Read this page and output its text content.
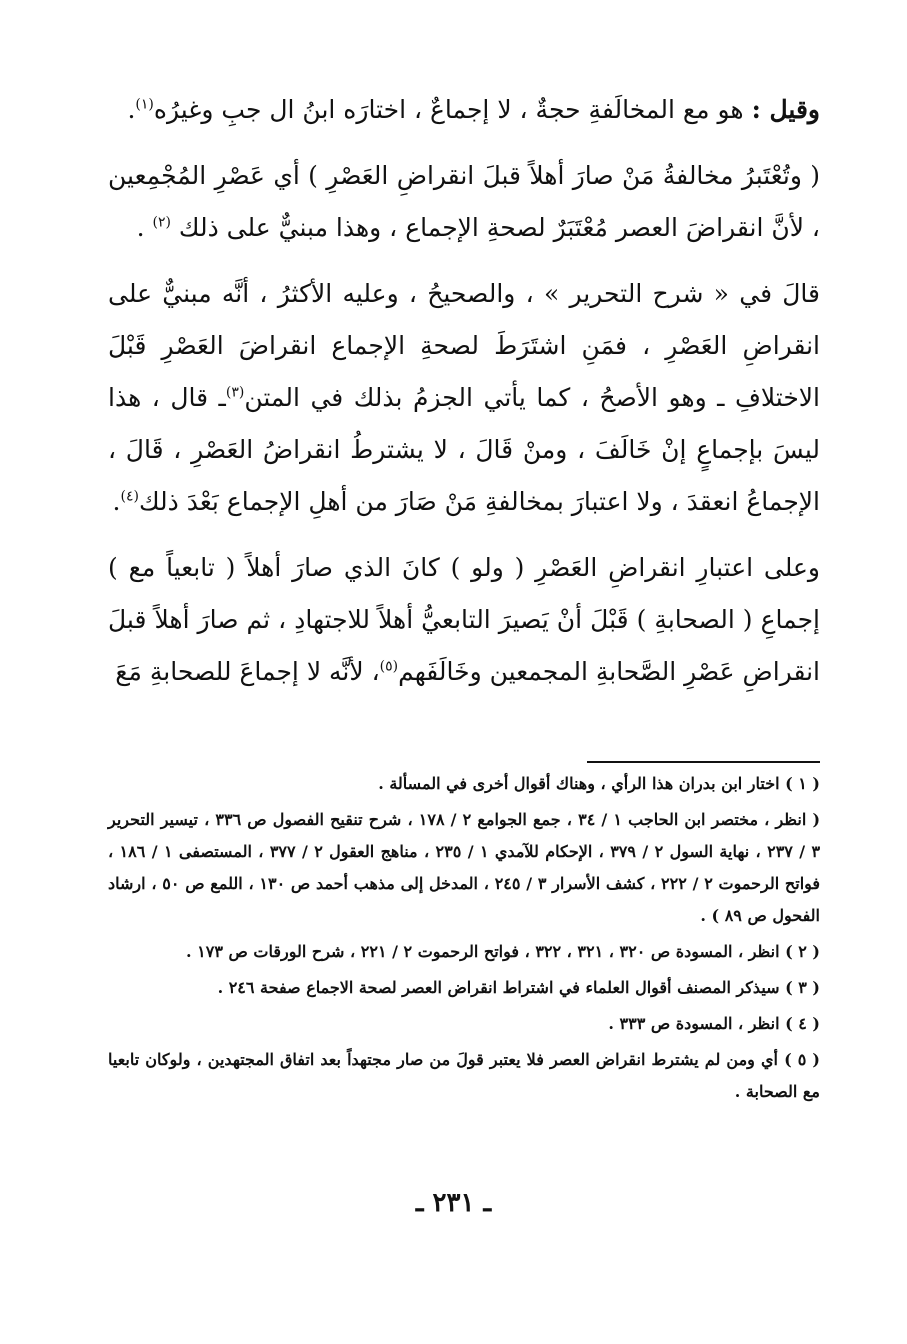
وقيل : هو مع المخالَفةِ حجةٌ ، لا إجماعٌ ، اختارَه ابنُ ال جبِ وغيرُه$^{(١)}$.

( وتُعْتَبرُ مخالفةُ مَنْ صارَ أهلاً قبلَ انقراضِ العَصْرِ ) أي عَصْرِ المُجْمِعين ، لأنَّ انقراضَ العصر مُعْتَبَرٌ لصحةِ الإجماع ، وهذا مبنيٌّ على ذلك $^{(٢)}$ .

قالَ في « شرح التحرير » ، والصحيحُ ، وعليه الأكثرُ ، أنَّه مبنيٌّ على انقراضِ العَصْرِ ، فمَنِ اشتَرَطَ لصحةِ الإجماع انقراضَ العَصْرِ قَبْلَ الاختلافِ ـ وهو الأصحُ ، كما يأتي الجزمُ بذلك في المتن$^{(٣)}$ـ قال ، هذا ليسَ بإجماعٍ إنْ خَالَفَ ، ومنْ قَالَ ، لا يشترطُ انقراضُ العَصْرِ ، قَالَ ، الإجماعُ انعقدَ ، ولا اعتبارَ بمخالفةِ مَنْ صَارَ من أهلِ الإجماع بَعْدَ ذلك$^{(٤)}$.

وعلى اعتبارِ انقراضِ العَصْرِ ( ولو ) كانَ الذي صارَ أهلاً ( تابعياً مع ) إجماعِ ( الصحابةِ ) قَبْلَ أنْ يَصيرَ التابعيُّ أهلاً للاجتهادِ ، ثم صارَ أهلاً قبلَ انقراضِ عَصْرِ الصَّحابةِ المجمعين وخَالَفَهم$^{(٥)}$، لأنَّه لا إجماعَ للصحابةِ مَعَ

( ١ ) اختار ابن بدران هذا الرأي ، وهناك أقوال أخرى في المسألة .

( انظر ، مختصر ابن الحاجب ١ / ٣٤ ، جمع الجوامع ٢ / ١٧٨ ، شرح تنقيح الفصول ص ٣٣٦ ، تيسير التحرير ٣ / ٢٣٧ ، نهاية السول ٢ / ٣٧٩ ، الإحكام للآمدي ١ / ٢٣٥ ، مناهج العقول ٢ / ٣٧٧ ، المستصفى ١ / ١٨٦ ، فواتح الرحموت ٢ / ٢٢٢ ، كشف الأسرار ٣ / ٢٤٥ ، المدخل إلى مذهب أحمد ص ١٣٠ ، اللمع ص ٥٠ ، ارشاد الفحول ص ٨٩ ) .

( ٢ ) انظر ، المسودة ص ٣٢٠ ، ٣٢١ ، ٣٢٢ ، فواتح الرحموت ٢ / ٢٢١ ، شرح الورقات ص ١٧٣ .

( ٣ ) سيذكر المصنف أقوال العلماء في اشتراط انقراض العصر لصحة الاجماع صفحة ٢٤٦ .

( ٤ ) انظر ، المسودة ص ٣٣٣ .

( ٥ ) أي ومن لم يشترط انقراض العصر فلا يعتبر قولَ من صار مجتهداً بعد اتفاق المجتهدين ، ولوكان تابعيا مع الصحابة .

ـ ٢٣١ ـ
